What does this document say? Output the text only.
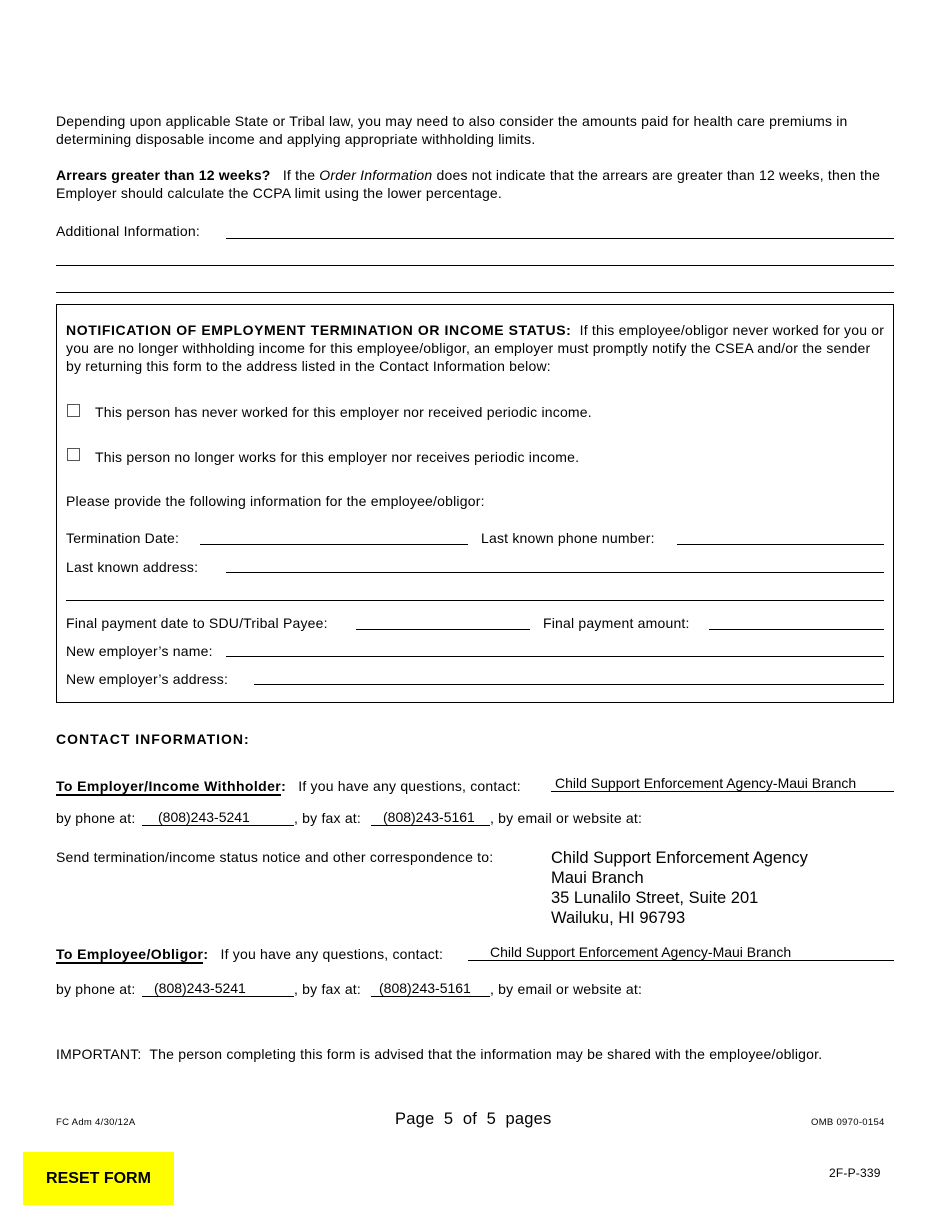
Depending upon applicable State or Tribal law, you may need to also consider the amounts paid for health care premiums in determining disposable income and applying appropriate withholding limits.
Arrears greater than 12 weeks? If the Order Information does not indicate that the arrears are greater than 12 weeks, then the Employer should calculate the CCPA limit using the lower percentage.
Additional Information:
NOTIFICATION OF EMPLOYMENT TERMINATION OR INCOME STATUS: If this employee/obligor never worked for you or you are no longer withholding income for this employee/obligor, an employer must promptly notify the CSEA and/or the sender by returning this form to the address listed in the Contact Information below:
This person has never worked for this employer nor received periodic income.
This person no longer works for this employer nor receives periodic income.
Please provide the following information for the employee/obligor:
Termination Date:	Last known phone number:
Last known address:
Final payment date to SDU/Tribal Payee:	Final payment amount:
New employer’s name:
New employer’s address:
CONTACT INFORMATION:
To Employer/Income Withholder: If you have any questions, contact: Child Support Enforcement Agency-Maui Branch
by phone at:	(808)243-5241	, by fax at:	(808)243-5161	, by email or website at:
Send termination/income status notice and other correspondence to:	Child Support Enforcement Agency
Maui Branch
35 Lunalilo Street, Suite 201
Wailuku, HI 96793
To Employee/Obligor: If you have any questions, contact:	Child Support Enforcement Agency-Maui Branch
by phone at:	(808)243-5241	, by fax at:	(808)243-5161	, by email or website at:
IMPORTANT:  The person completing this form is advised that the information may be shared with the employee/obligor.
FC Adm 4/30/12A	Page  5  of  5  pages	OMB 0970-0154
RESET FORM	2F-P-339
